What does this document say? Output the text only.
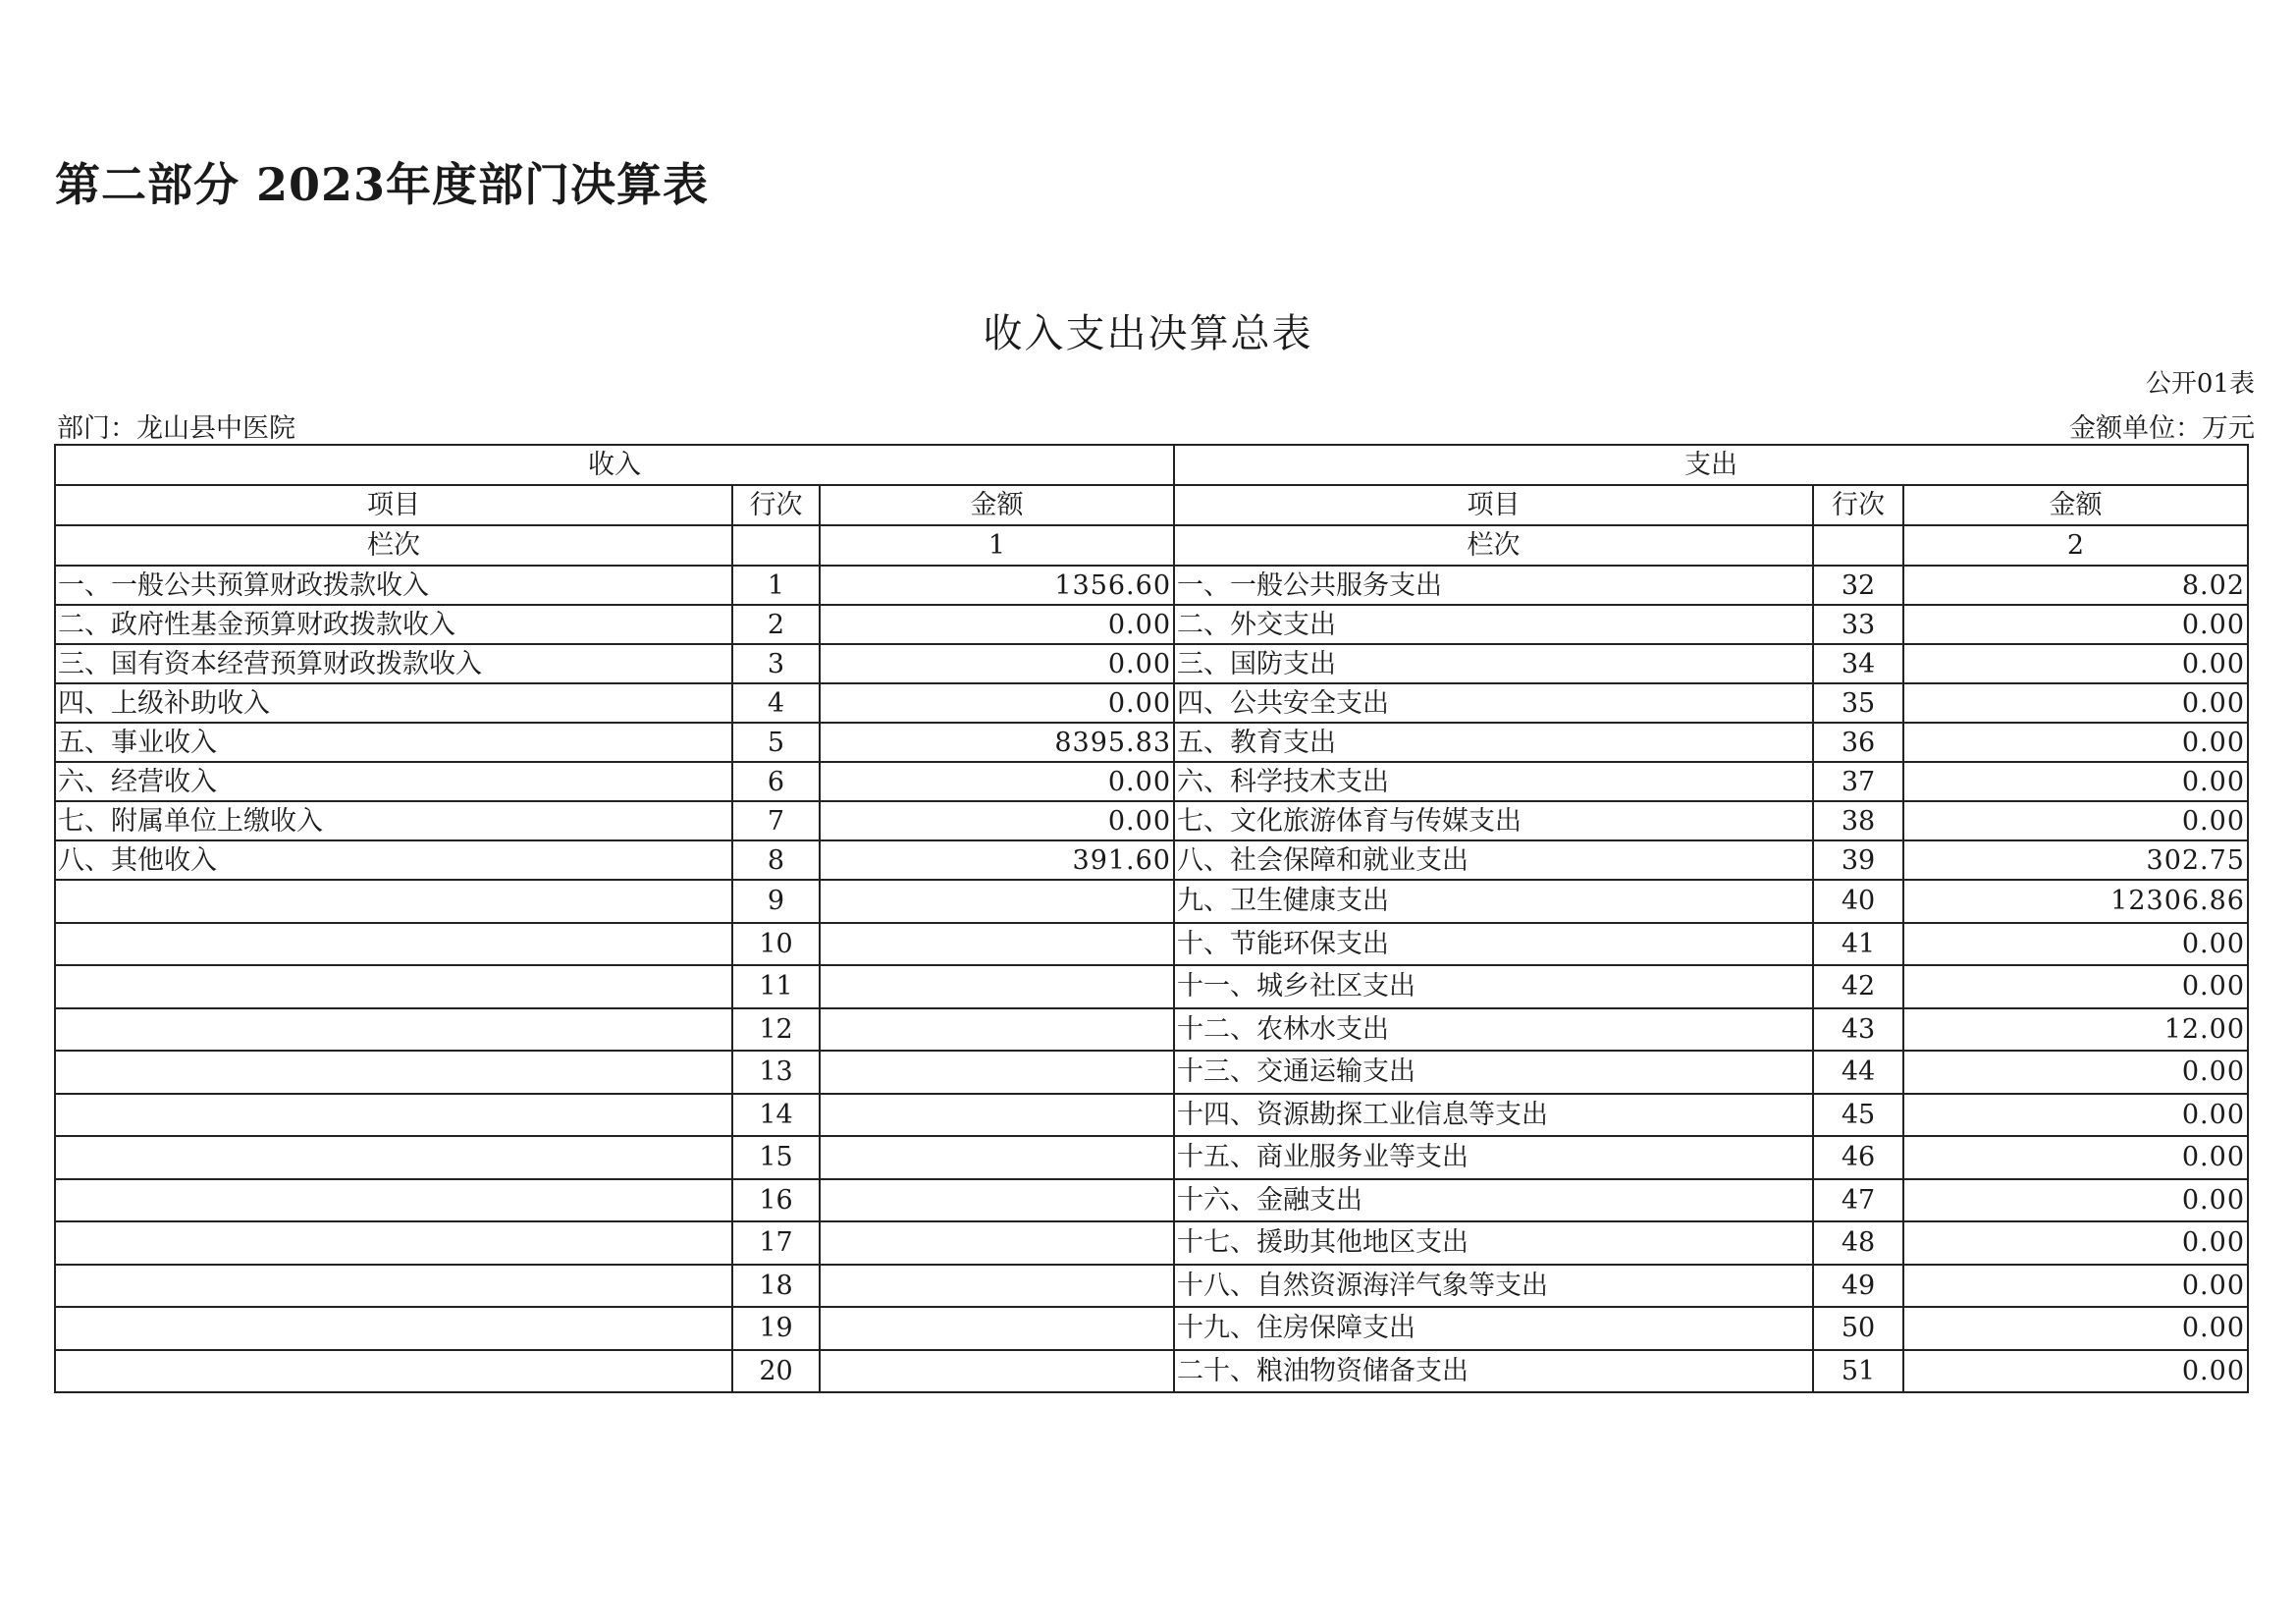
第二部分 2023年度部门决算表
收入支出决算总表
公开01表
部门：龙山县中医院	金额单位：万元
收入			支出		
项目	行次	金额	项目	行次	金额
栏次		1	栏次		2
一、一般公共预算财政拨款收入	1	1356.60	一、一般公共服务支出	32	8.02
二、政府性基金预算财政拨款收入	2	0.00	二、外交支出	33	0.00
三、国有资本经营预算财政拨款收入	3	0.00	三、国防支出	34	0.00
四、上级补助收入	4	0.00	四、公共安全支出	35	0.00
五、事业收入	5	8395.83	五、教育支出	36	0.00
六、经营收入	6	0.00	六、科学技术支出	37	0.00
七、附属单位上缴收入	7	0.00	七、文化旅游体育与传媒支出	38	0.00
八、其他收入	8	391.60	八、社会保障和就业支出	39	302.75
	9		九、卫生健康支出	40	12306.86
	10		十、节能环保支出	41	0.00
	11		十一、城乡社区支出	42	0.00
	12		十二、农林水支出	43	12.00
	13		十三、交通运输支出	44	0.00
	14		十四、资源勘探工业信息等支出	45	0.00
	15		十五、商业服务业等支出	46	0.00
	16		十六、金融支出	47	0.00
	17		十七、援助其他地区支出	48	0.00
	18		十八、自然资源海洋气象等支出	49	0.00
	19		十九、住房保障支出	50	0.00
	20		二十、粮油物资储备支出	51	0.00
